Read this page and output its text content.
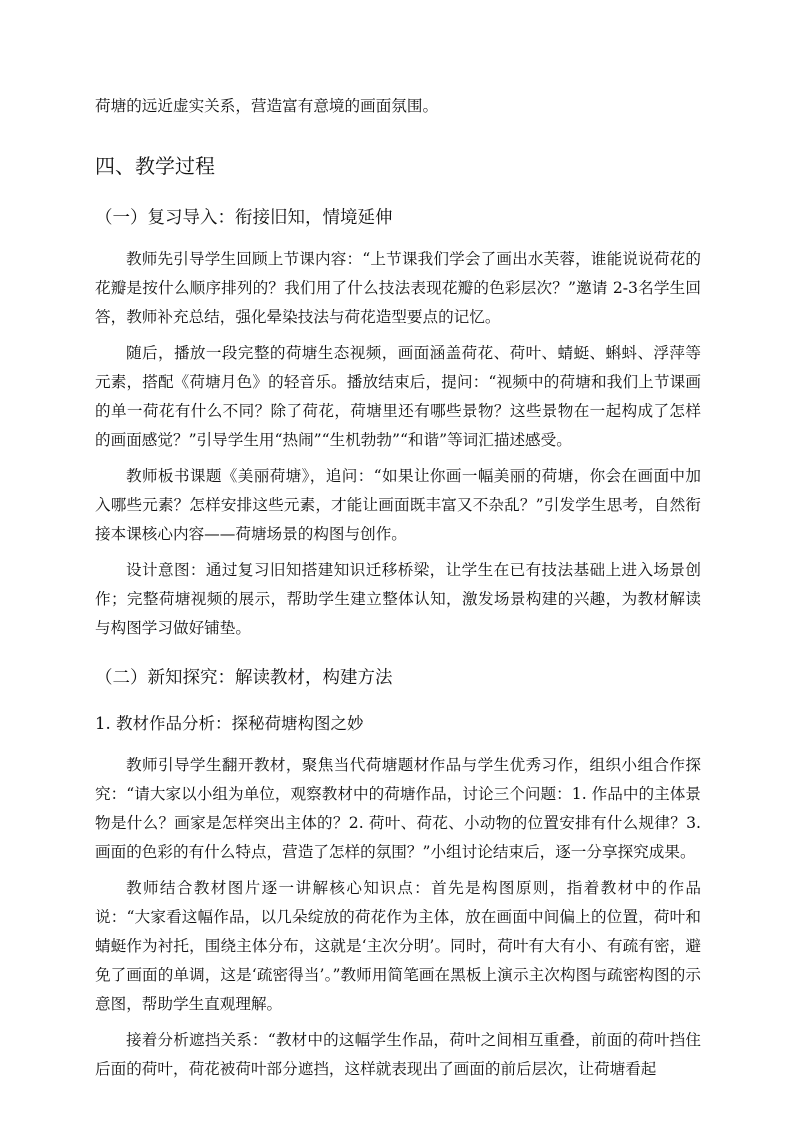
荷塘的远近虚实关系，营造富有意境的画面氛围。

四、教学过程
（一）复习导入：衔接旧知，情境延伸

教师先引导学生回顾上节课内容：“上节课我们学会了画出水芙蓉，谁能说说荷花的花瓣是按什么顺序排列的？我们用了什么技法表现花瓣的色彩层次？”邀请 2-3名学生回答，教师补充总结，强化晕染技法与荷花造型要点的记忆。

随后，播放一段完整的荷塘生态视频，画面涵盖荷花、荷叶、蜻蜓、蝌蚪、浮萍等元素，搭配《荷塘月色》的轻音乐。播放结束后，提问：“视频中的荷塘和我们上节课画的单一荷花有什么不同？除了荷花，荷塘里还有哪些景物？这些景物在一起构成了怎样的画面感觉？”引导学生用“热闹”“生机勃勃”“和谐”等词汇描述感受。

教师板书课题《美丽荷塘》，追问：“如果让你画一幅美丽的荷塘，你会在画面中加入哪些元素？怎样安排这些元素，才能让画面既丰富又不杂乱？”引发学生思考，自然衔接本课核心内容——荷塘场景的构图与创作。

设计意图：通过复习旧知搭建知识迁移桥梁，让学生在已有技法基础上进入场景创作；完整荷塘视频的展示，帮助学生建立整体认知，激发场景构建的兴趣，为教材解读与构图学习做好铺垫。

（二）新知探究：解读教材，构建方法
1. 教材作品分析：探秘荷塘构图之妙

教师引导学生翻开教材，聚焦当代荷塘题材作品与学生优秀习作，组织小组合作探究：“请大家以小组为单位，观察教材中的荷塘作品，讨论三个问题：1. 作品中的主体景物是什么？画家是怎样突出主体的？2. 荷叶、荷花、小动物的位置安排有什么规律？3. 画面的色彩的有什么特点，营造了怎样的氛围？”小组讨论结束后，逐一分享探究成果。

教师结合教材图片逐一讲解核心知识点：首先是构图原则，指着教材中的作品说：“大家看这幅作品，以几朵绽放的荷花作为主体，放在画面中间偏上的位置，荷叶和蜻蜓作为衬托，围绕主体分布，这就是‘主次分明’。同时，荷叶有大有小、有疏有密，避免了画面的单调，这是‘疏密得当’。”教师用简笔画在黑板上演示主次构图与疏密构图的示意图，帮助学生直观理解。

接着分析遮挡关系：“教材中的这幅学生作品，荷叶之间相互重叠，前面的荷叶挡住后面的荷叶，荷花被荷叶部分遮挡，这样就表现出了画面的前后层次，让荷塘看起
